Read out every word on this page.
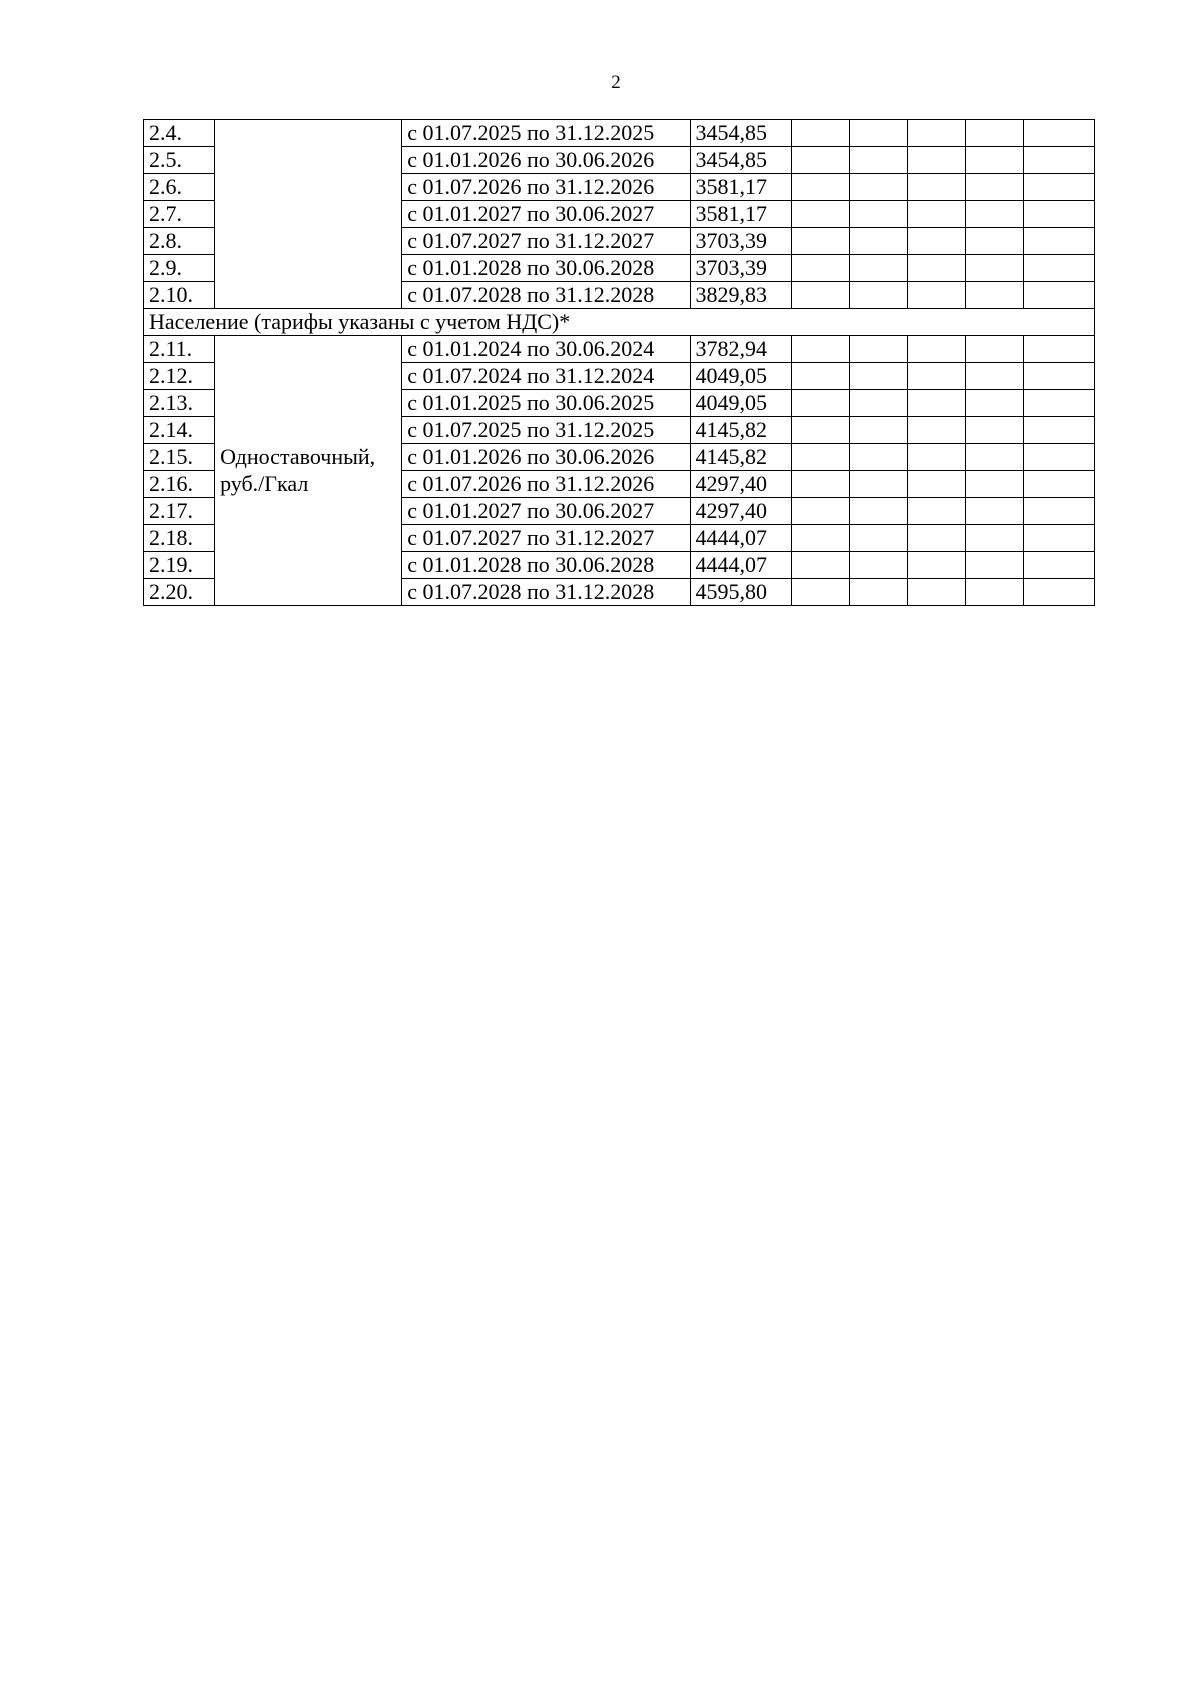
2
2.4.		с 01.07.2025 по 31.12.2025	3454,85					
2.5.		с 01.01.2026 по 30.06.2026	3454,85					
2.6.		с 01.07.2026 по 31.12.2026	3581,17					
2.7.		с 01.01.2027 по 30.06.2027	3581,17					
2.8.		с 01.07.2027 по 31.12.2027	3703,39					
2.9.		с 01.01.2028 по 30.06.2028	3703,39					
2.10.		с 01.07.2028 по 31.12.2028	3829,83					
Население (тарифы указаны с учетом НДС)*								
2.11.	Одноставочный, руб./Гкал	с 01.01.2024 по 30.06.2024	3782,94					
2.12.		с 01.07.2024 по 31.12.2024	4049,05					
2.13.		с 01.01.2025 по 30.06.2025	4049,05					
2.14.		с 01.07.2025 по 31.12.2025	4145,82					
2.15.		с 01.01.2026 по 30.06.2026	4145,82					
2.16.		с 01.07.2026 по 31.12.2026	4297,40					
2.17.		с 01.01.2027 по 30.06.2027	4297,40					
2.18.		с 01.07.2027 по 31.12.2027	4444,07					
2.19.		с 01.01.2028 по 30.06.2028	4444,07					
2.20.		с 01.07.2028 по 31.12.2028	4595,80					
